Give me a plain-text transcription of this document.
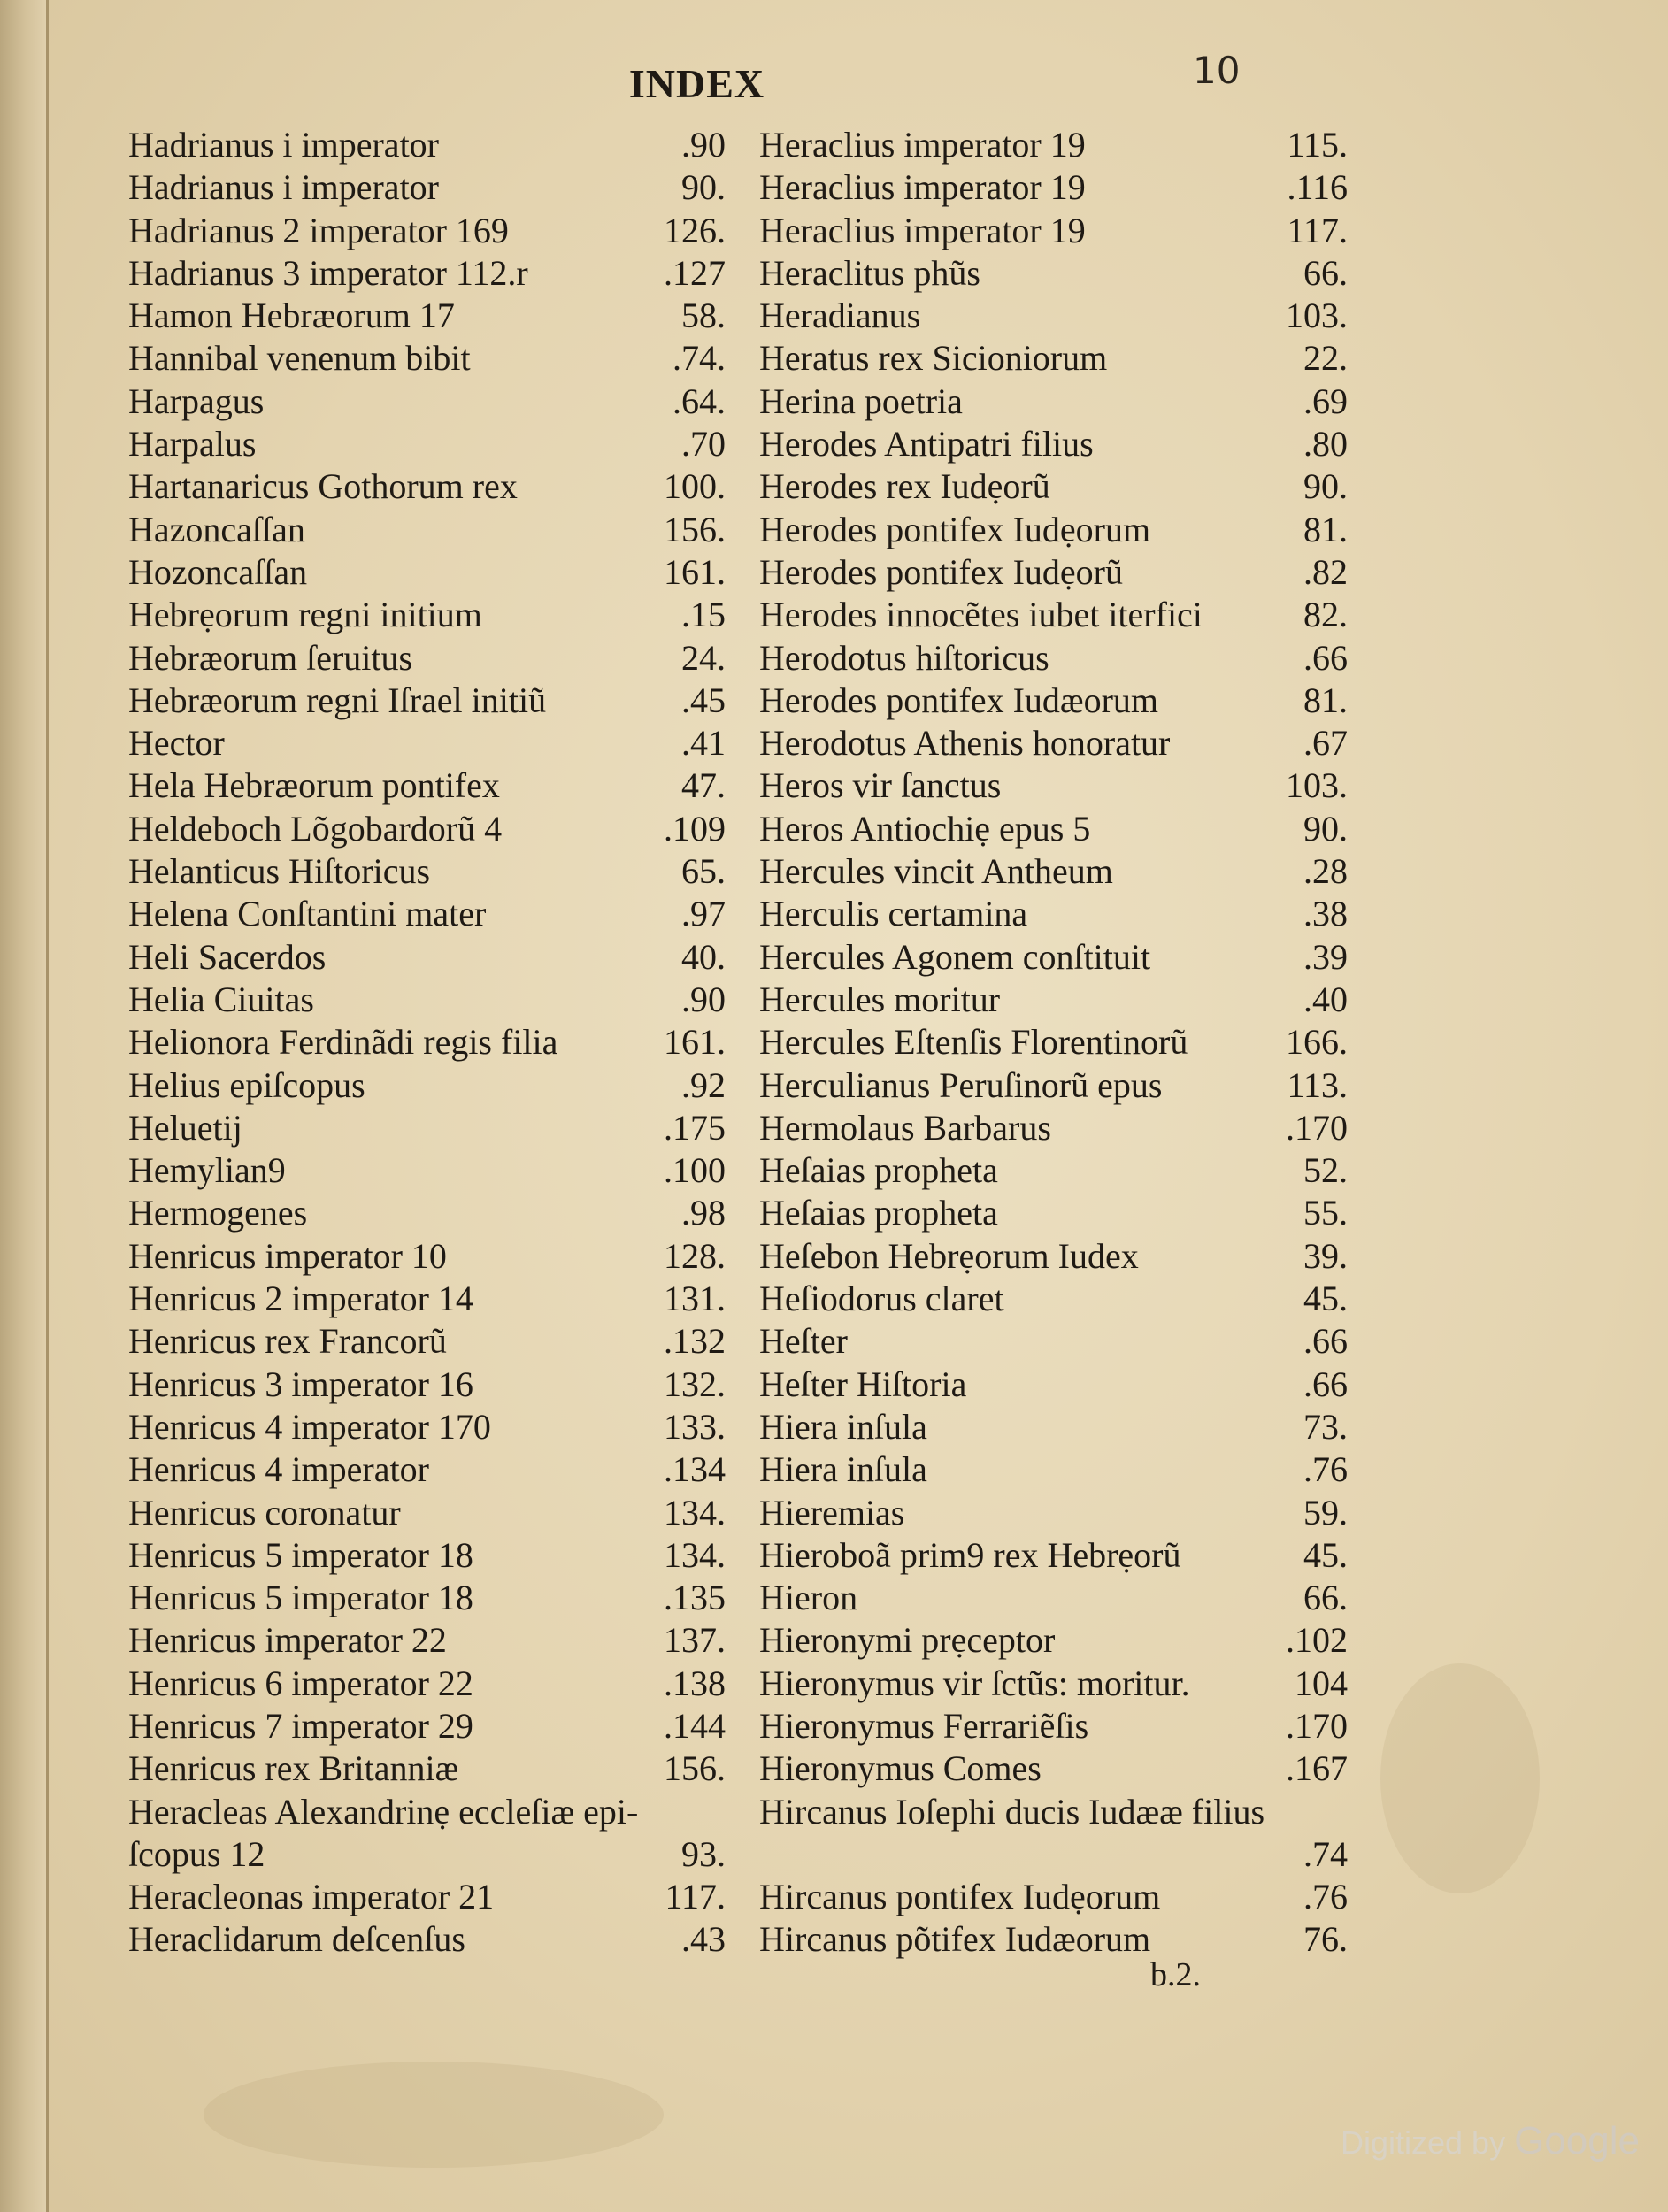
INDEX	10
Hadrianus i imperator	.90
Hadrianus i imperator	90.
Hadrianus 2 imperator 169	126.
Hadrianus 3 imperator 112.r	.127
Hamon Hebræorum 17	58.
Hannibal venenum bibit	.74.
Harpagus	.64.
Harpalus	.70
Hartanaricus Gothorum rex	100.
Hazoncaſſan	156.
Hozoncaſſan	161.
Hebrẹorum regni initium	.15
Hebræorum ſeruitus	24.
Hebræorum regni Iſrael initiũ	.45
Hector	.41
Hela Hebræorum pontifex	47.
Heldeboch Lõgobardorũ 4	.109
Helanticus Hiſtoricus	65.
Helena Conſtantini mater	.97
Heli Sacerdos	40.
Helia Ciuitas	.90
Helionora Ferdinãdi regis filia	161.
Helius epiſcopus	.92
Heluetij	.175
Hemylian9	.100
Hermogenes	.98
Henricus imperator 10	128.
Henricus 2 imperator 14	131.
Henricus rex Francorũ	.132
Henricus 3 imperator 16	132.
Henricus 4 imperator 170	133.
Henricus 4 imperator	.134
Henricus coronatur	134.
Henricus 5 imperator 18	134.
Henricus 5 imperator 18	.135
Henricus imperator 22	137.
Henricus 6 imperator 22	.138
Henricus 7 imperator 29	.144
Henricus rex Britanniæ	156.
Heracleas Alexandrinẹ eccleſiæ epi-
ſcopus 12	93.
Heracleonas imperator 21	117.
Heraclidarum deſcenſus	.43
Heraclius imperator 19	115.
Heraclius imperator 19	.116
Heraclius imperator 19	117.
Heraclitus phũs	66.
Heradianus	103.
Heratus rex Sicioniorum	22.
Herina poetria	.69
Herodes Antipatri filius	.80
Herodes rex Iudẹorũ	90.
Herodes pontifex Iudẹorum	81.
Herodes pontifex Iudẹorũ	.82
Herodes innocẽtes iubet iterfici	82.
Herodotus hiſtoricus	.66
Herodes pontifex Iudæorum	81.
Herodotus Athenis honoratur	.67
Heros vir ſanctus	103.
Heros Antiochiẹ epus 5	90.
Hercules vincit Antheum	.28
Herculis certamina	.38
Hercules Agonem conſtituit	.39
Hercules moritur	.40
Hercules Eſtenſis Florentinorũ	166.
Herculianus Peruſinorũ epus	113.
Hermolaus Barbarus	.170
Heſaias propheta	52.
Heſaias propheta	55.
Heſebon Hebrẹorum Iudex	39.
Heſiodorus claret	45.
Heſter	.66
Heſter Hiſtoria	.66
Hiera inſula	73.
Hiera inſula	.76
Hieremias	59.
Hieroboã prim9 rex Hebrẹorũ	45.
Hieron	66.
Hieronymi prẹceptor	.102
Hieronymus vir ſctũs: moritur.	104
Hieronymus Ferrariẽſis	.170
Hieronymus Comes	.167
Hircanus Ioſephi ducis Iudææ filius
.74
Hircanus pontifex Iudẹorum	.76
Hircanus põtifex Iudæorum	76.
b.2.
Digitized by Google
